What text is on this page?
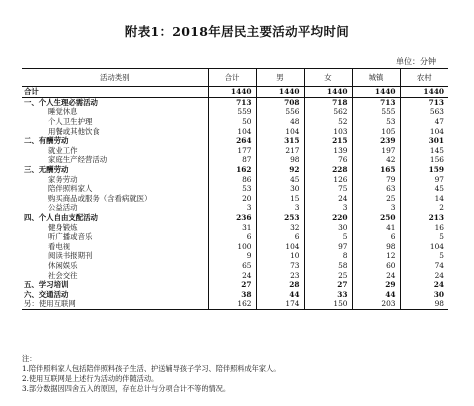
附表1：2018年居民主要活动平均时间
单位：分钟
活动类别	合计	男	女	城镇	农村
合计	1440	1440	1440	1440	1440
一、个人生理必需活动	713	708	718	713	713
睡觉休息	559	556	562	555	563
个人卫生护理	50	48	52	53	47
用餐或其他饮食	104	104	103	105	104
二、有酬劳动	264	315	215	239	301
就业工作	177	217	139	197	145
家庭生产经营活动	87	98	76	42	156
三、无酬劳动	162	92	228	165	159
家务劳动	86	45	126	79	97
陪伴照料家人	53	30	75	63	45
购买商品或服务（含看病就医）	20	15	24	25	14
公益活动	3	3	3	3	2
四、个人自由支配活动	236	253	220	250	213
健身锻炼	31	32	30	41	16
听广播或音乐	6	6	5	6	5
看电视	100	104	97	98	104
阅读书报期刊	9	10	8	12	5
休闲娱乐	65	73	58	60	74
社会交往	24	23	25	24	24
五、学习培训	27	28	27	29	24
六、交通活动	38	44	33	44	30
另：使用互联网	162	174	150	203	98
注：
1.陪伴照料家人包括陪伴照料孩子生活、护送辅导孩子学习、陪伴照料成年家人。
2.使用互联网是上述行为活动的伴随活动。
3.部分数据因四舍五入的原因，存在总计与分项合计不等的情况。
